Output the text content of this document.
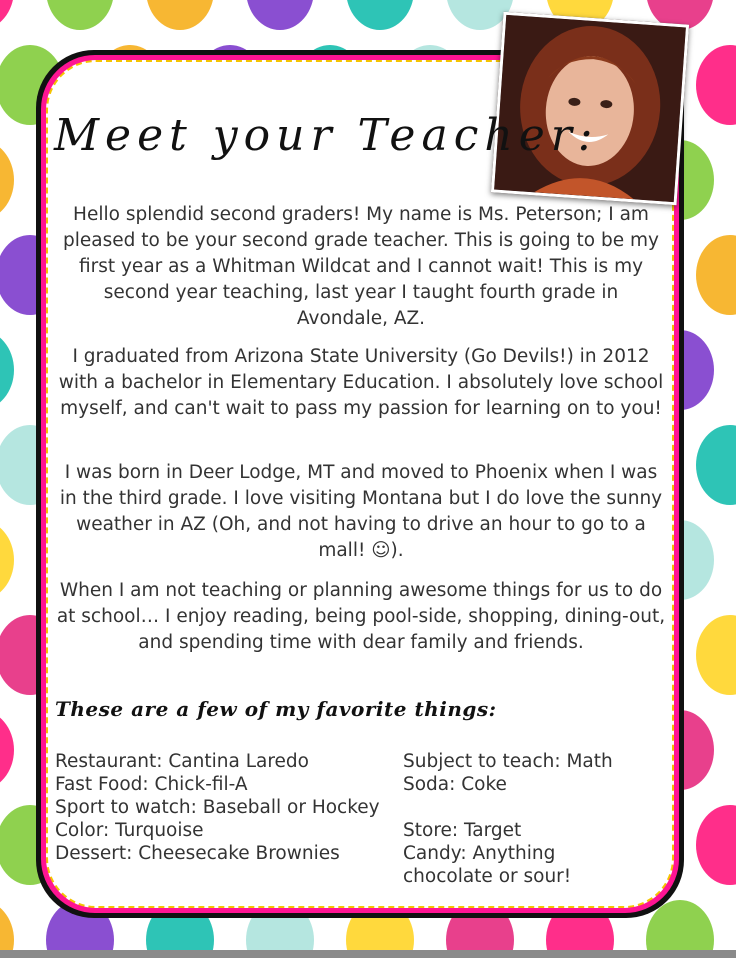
Meet your Teacher:

Hello splendid second graders! My name is Ms. Peterson; I am pleased to be your second grade teacher. This is going to be my first year as a Whitman Wildcat and I cannot wait! This is my second year teaching, last year I taught fourth grade in Avondale, AZ.

I graduated from Arizona State University (Go Devils!) in 2012 with a bachelor in Elementary Education. I absolutely love school myself, and can't wait to pass my passion for learning on to you!

I was born in Deer Lodge, MT and moved to Phoenix when I was in the third grade. I love visiting Montana but I do love the sunny weather in AZ (Oh, and not having to drive an hour to go to a mall! ☺).

When I am not teaching or planning awesome things for us to do at school… I enjoy reading, being pool-side, shopping, dining-out, and spending time with dear family and friends.

These are a few of my favorite things:

Restaurant: Cantina Laredo

Fast Food: Chick-fil-A

Sport to watch: Baseball or Hockey

Color: Turquoise

Dessert: Cheesecake Brownies

Subject to teach: Math

Soda: Coke

Store: Target

Candy: Anything

chocolate or sour!
